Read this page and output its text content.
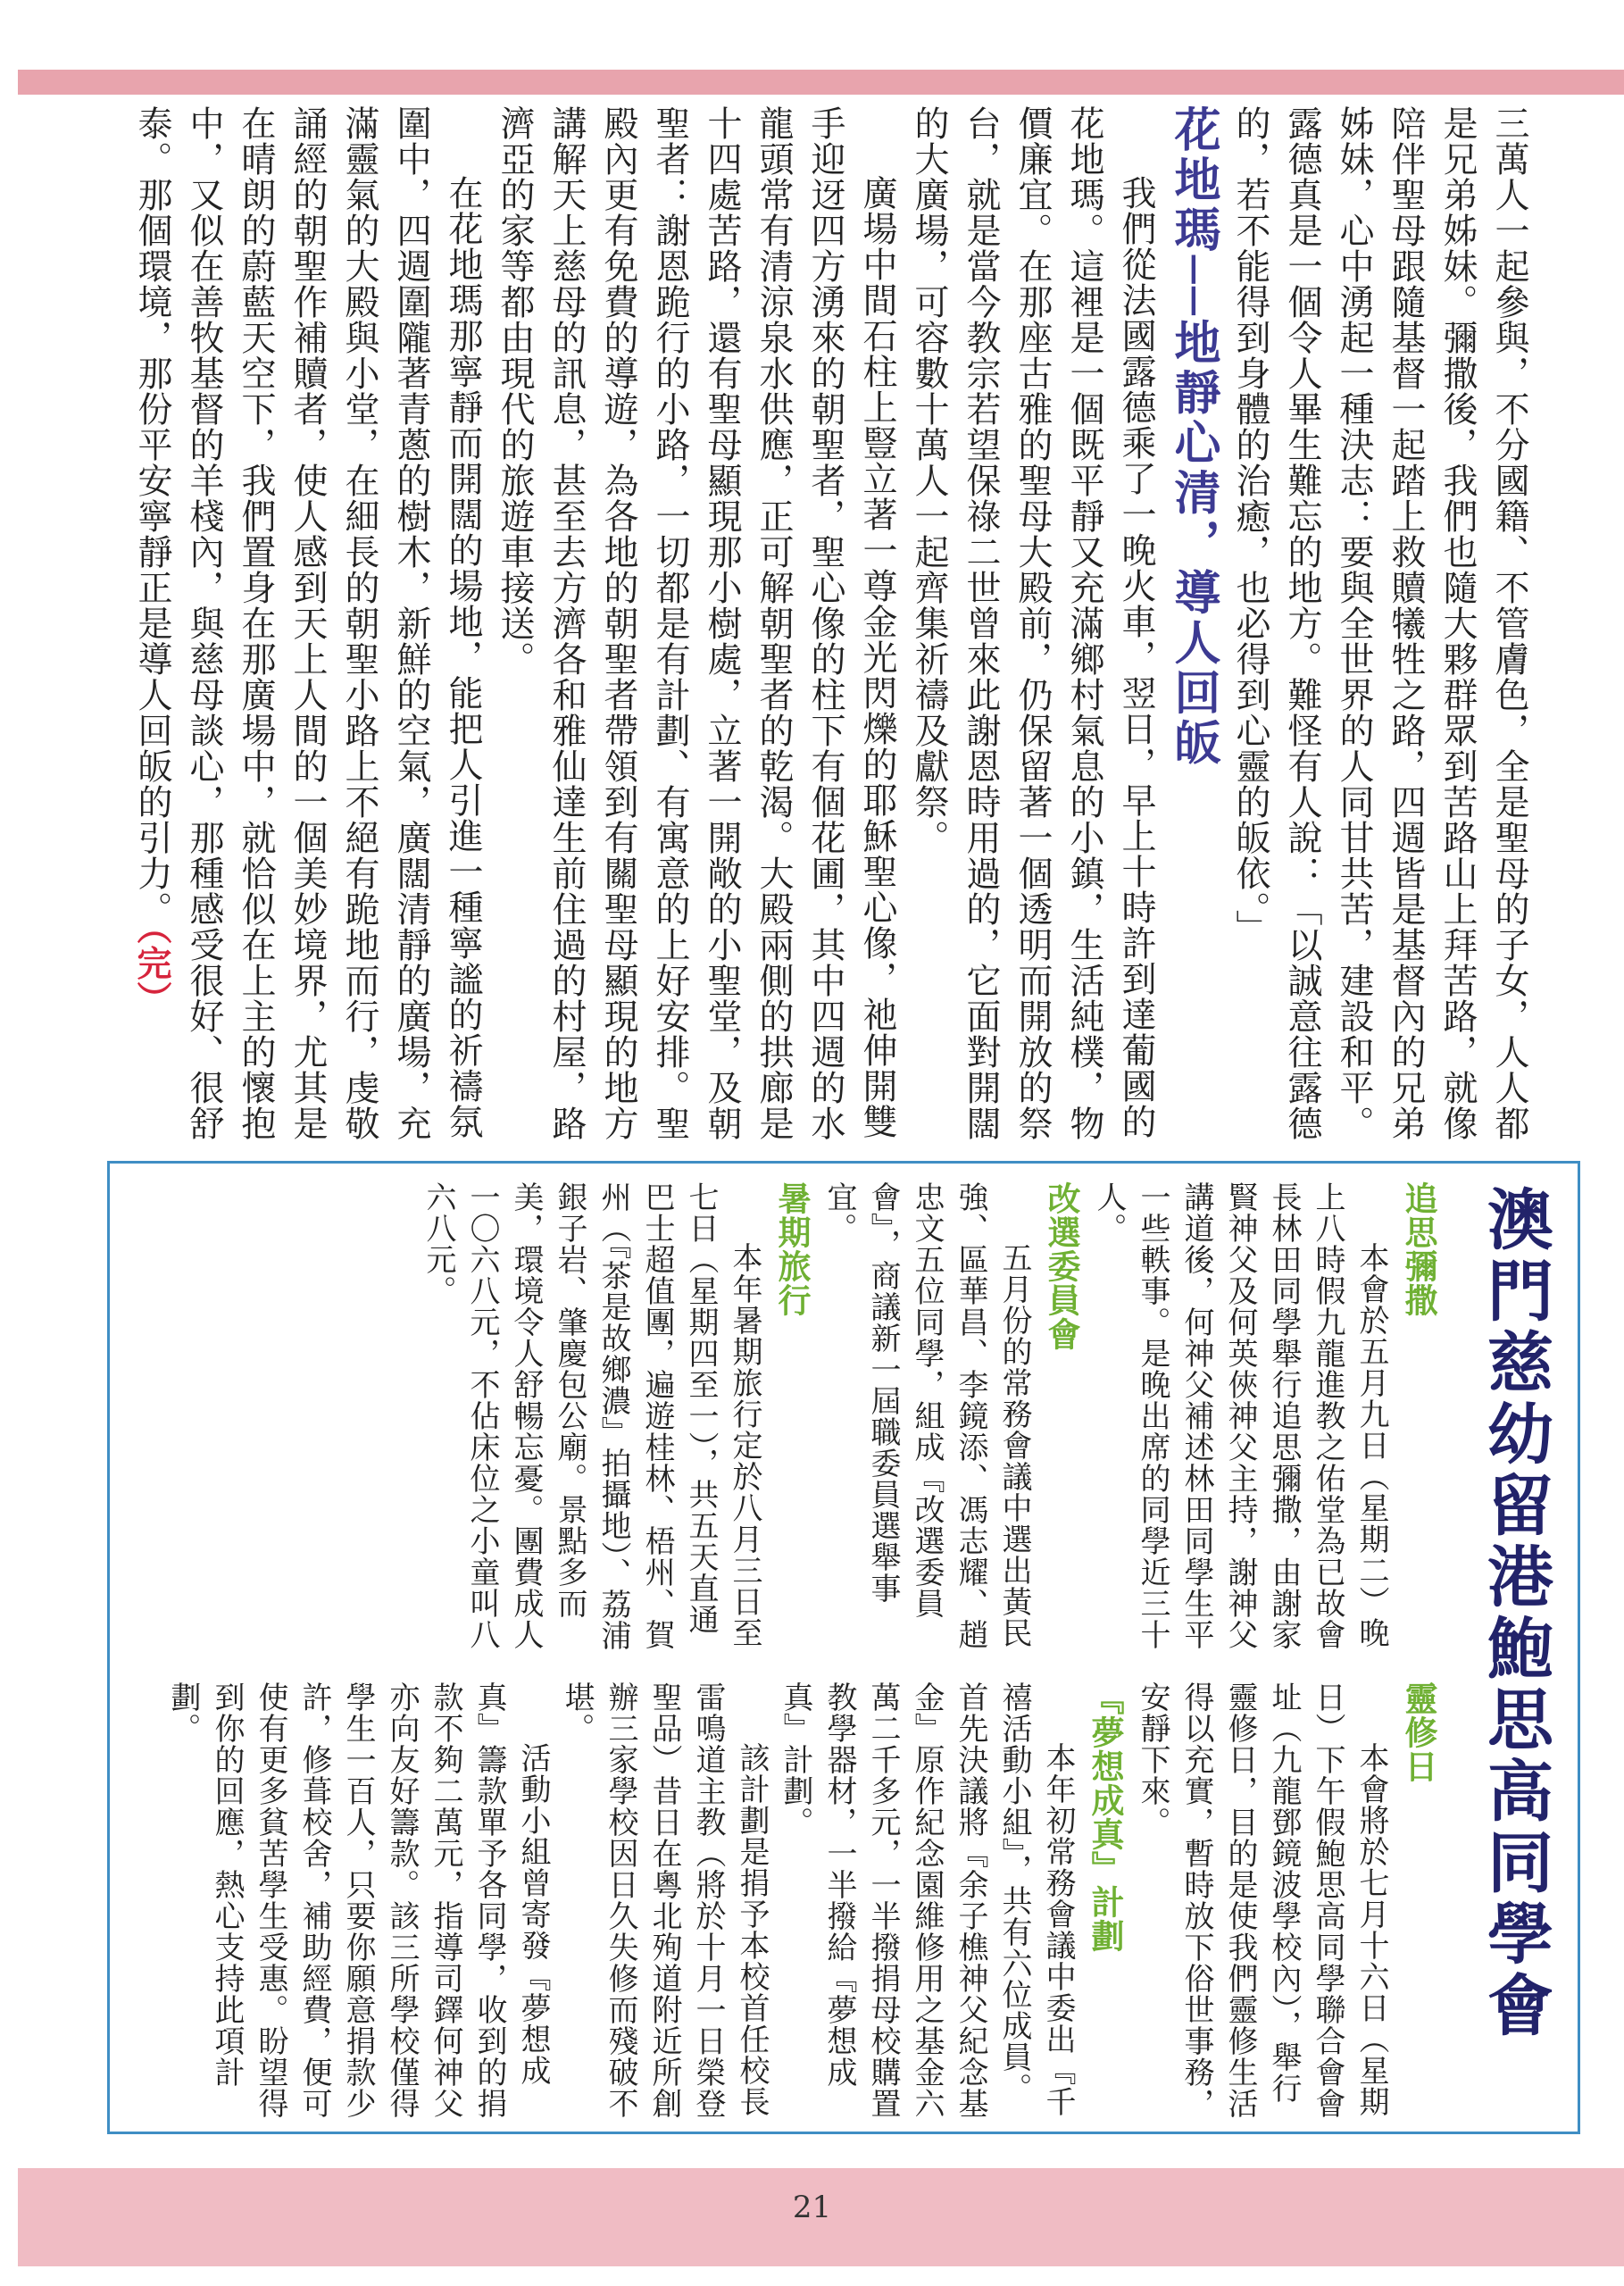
三萬人一起參與，不分國籍、不管膚色，全是聖母的子女，人人都是兄弟姊妹。彌撒後，我們也隨大夥群眾到苦路山上拜苦路，就像陪伴聖母跟隨基督一起踏上救贖犧牲之路，四週皆是基督內的兄弟姊妹，心中湧起一種決志：要與全世界的人同甘共苦，建設和平。露德真是一個令人畢生難忘的地方。難怪有人說：「以誠意往露德的，若不能得到身體的治癒，也必得到心靈的皈依。」

花地瑪──地靜心清，導人回皈

我們從法國露德乘了一晚火車，翌日，早上十時許到達葡國的花地瑪。這裡是一個既平靜又充滿鄉村氣息的小鎮，生活純樸，物價廉宜。在那座古雅的聖母大殿前，仍保留著一個透明而開放的祭台，就是當今教宗若望保祿二世曾來此謝恩時用過的，它面對開闊的大廣場，可容數十萬人一起齊集祈禱及獻祭。

廣場中間石柱上豎立著一尊金光閃爍的耶穌聖心像，祂伸開雙手迎迓四方湧來的朝聖者，聖心像的柱下有個花圃，其中四週的水龍頭常有清涼泉水供應，正可解朝聖者的乾渴。大殿兩側的拱廊是十四處苦路，還有聖母顯現那小樹處，立著一開敞的小聖堂，及朝聖者：謝恩跪行的小路，一切都是有計劃、有寓意的上好安排。聖殿內更有免費的導遊，為各地的朝聖者帶領到有關聖母顯現的地方講解天上慈母的訊息，甚至去方濟各和雅仙達生前住過的村屋，路濟亞的家等都由現代的旅遊車接送。

在花地瑪那寧靜而開闊的場地，能把人引進一種寧謐的祈禱氛圍中，四週圍隴著青蔥的樹木，新鮮的空氣，廣闊清靜的廣場，充滿靈氣的大殿與小堂，在細長的朝聖小路上不絕有跪地而行，虔敬誦經的朝聖作補贖者，使人感到天上人間的一個美妙境界，尤其是在晴朗的蔚藍天空下，我們置身在那廣場中，就恰似在上主的懷抱中，又似在善牧基督的羊棧內，與慈母談心，那種感受很好、很舒泰。那個環境，那份平安寧靜正是導人回皈的引力。（完）

澳門慈幼留港鮑思高同學會

追思彌撒

本會於五月九日（星期二）晚上八時假九龍進教之佑堂為已故會長林田同學舉行追思彌撒，由謝家賢神父及何英俠神父主持，謝神父講道後，何神父補述林田同學生平一些軼事。是晚出席的同學近三十人。

改選委員會

五月份的常務會議中選出黃民強、區華昌、李鏡添、馮志耀、趙忠文五位同學，組成『改選委員會』，商議新一屆職委員選舉事宜。

暑期旅行

本年暑期旅行定於八月三日至七日（星期四至一），共五天直通巴士超值團，遍遊桂林、梧州、賀州（『茶是故鄉濃』拍攝地）、荔浦銀子岩、肇慶包公廟。景點多而美，環境令人舒暢忘憂。團費成人一〇六八元，不佔床位之小童叫八六八元。

靈修日

本會將於七月十六日（星期日）下午假鮑思高同學聯合會會址（九龍鄧鏡波學校內），舉行靈修日，目的是使我們靈修生活得以充實，暫時放下俗世事務，安靜下來。

『夢想成真』計劃

本年初常務會議中委出『千禧活動小組』，共有六位成員。首先決議將『余子樵神父紀念基金』原作紀念園維修用之基金六萬二千多元，一半撥捐母校購置教學器材，一半撥給『夢想成真』計劃。

該計劃是捐予本校首任校長雷鳴道主教（將於十月一日榮登聖品）昔日在粵北殉道附近所創辦三家學校因日久失修而殘破不堪。

活動小組曾寄發『夢想成真』籌款單予各同學，收到的捐款不夠二萬元，指導司鐸何神父亦向友好籌款。該三所學校僅得學生一百人，只要你願意捐款少許，修葺校舍，補助經費，便可使有更多貧苦學生受惠。盼望得到你的回應，熱心支持此項計劃。

21
